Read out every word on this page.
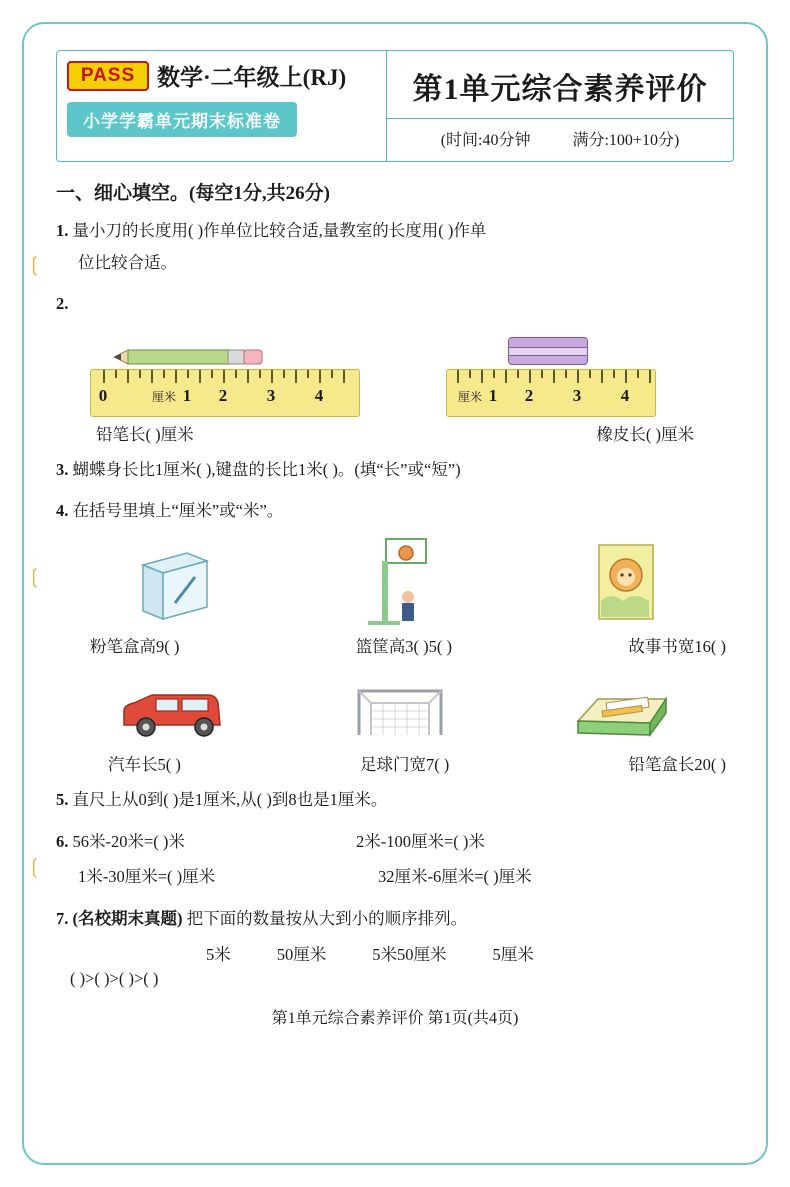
❲
❲
❲
PASS 数学·二年级上(RJ)
小学学霸单元期末标准卷
第1单元综合素养评价
(时间:40分钟	满分:100+10分)
一、细心填空。(每空1分,共26分)
1. 量小刀的长度用( )作单位比较合适,量教室的长度用( )作单
位比较合适。
2.
0	1
厘米	2 3 4	1
厘米	2 3 4
铅笔长( )厘米	橡皮长( )厘米
3. 蝴蝶身长比1厘米( ),键盘的长比1米( )。(填“长”或“短”)
4. 在括号里填上“厘米”或“米”。
粉笔盒高9( )	篮筐高3( )5( )	故事书宽16( )
汽车长5( )	足球门宽7( )	铅笔盒长20( )
5. 直尺上从0到( )是1厘米,从( )到8也是1厘米。
6. 56米-20米=( )米	2米-100厘米=( )米
1米-30厘米=( )厘米	32厘米-6厘米=( )厘米
7. (名校期末真题) 把下面的数量按从大到小的顺序排列。
5米	50厘米	5米50厘米	5厘米
( )>( )>( )>( )
第1单元综合素养评价 第1页(共4页)
